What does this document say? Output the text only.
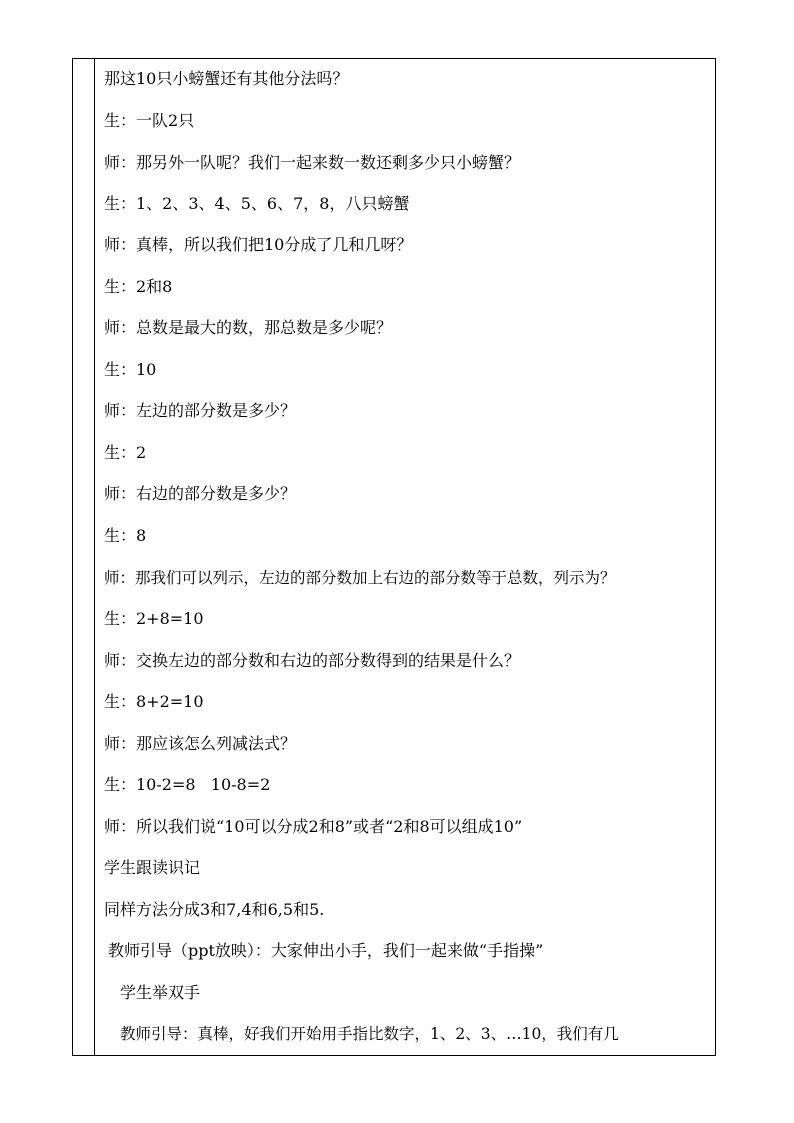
那这10只小螃蟹还有其他分法吗？
生：一队2只
师：那另外一队呢？我们一起来数一数还剩多少只小螃蟹？
生：1、2、3、4、5、6、7，8，八只螃蟹
师：真棒，所以我们把10分成了几和几呀？
生：2和8
师：总数是最大的数，那总数是多少呢？
生：10
师：左边的部分数是多少？
生：2
师：右边的部分数是多少？
生：8
师：那我们可以列示，左边的部分数加上右边的部分数等于总数，列示为？
生：2+8=10
师：交换左边的部分数和右边的部分数得到的结果是什么？
生：8+2=10
师：那应该怎么列减法式？
生：10-2=8   10-8=2
师：所以我们说“10可以分成2和8”或者“2和8可以组成10”
学生跟读识记
同样方法分成3和7,4和6,5和5.
教师引导（ppt放映）：大家伸出小手，我们一起来做“手指操”
学生举双手
教师引导：真棒，好我们开始用手指比数字，1、2、3、…10，我们有几
